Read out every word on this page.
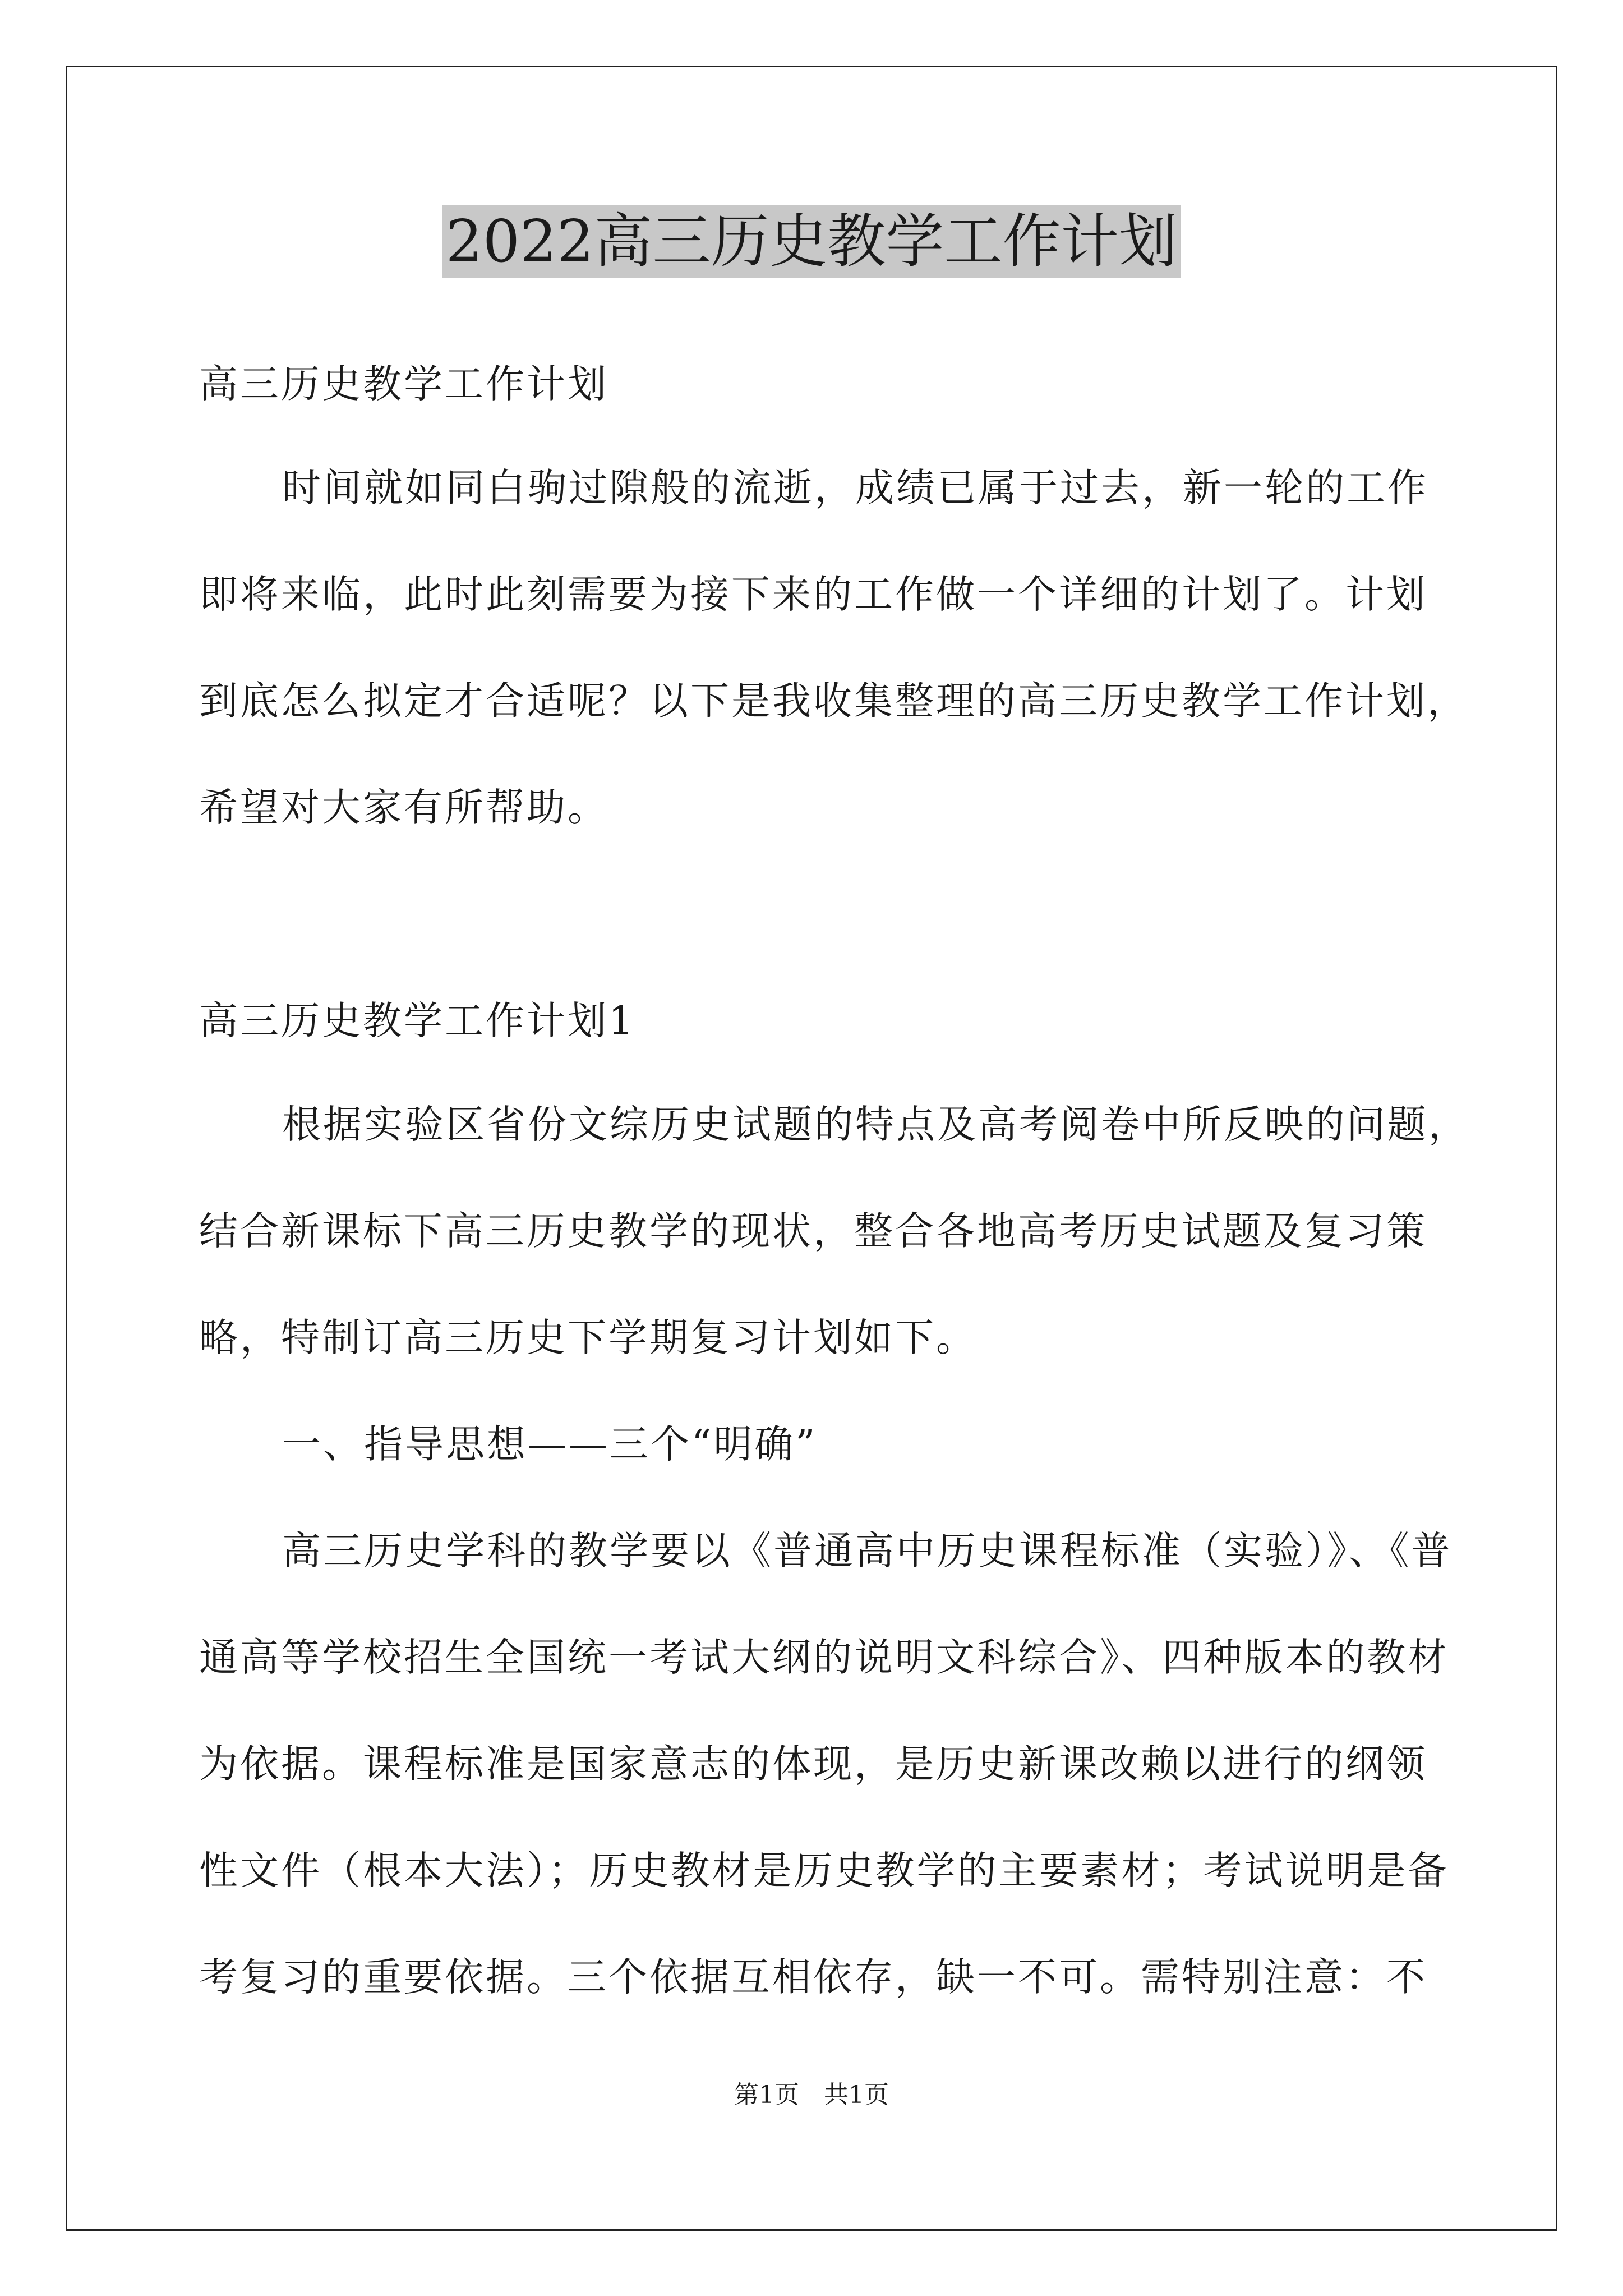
2022高三历史教学工作计划
高三历史教学工作计划
时间就如同白驹过隙般的流逝，成绩已属于过去，新一轮的工作
即将来临，此时此刻需要为接下来的工作做一个详细的计划了。计划
到底怎么拟定才合适呢？以下是我收集整理的高三历史教学工作计划，
希望对大家有所帮助。
高三历史教学工作计划1
根据实验区省份文综历史试题的特点及高考阅卷中所反映的问题，
结合新课标下高三历史教学的现状，整合各地高考历史试题及复习策
略，特制订高三历史下学期复习计划如下。
一、指导思想——三个“明确”
高三历史学科的教学要以《普通高中历史课程标准（实验）》、《普
通高等学校招生全国统一考试大纲的说明文科综合》、四种版本的教材
为依据。课程标准是国家意志的体现，是历史新课改赖以进行的纲领
性文件（根本大法）；历史教材是历史教学的主要素材；考试说明是备
考复习的重要依据。三个依据互相依存，缺一不可。需特别注意：不
第1页　共1页
